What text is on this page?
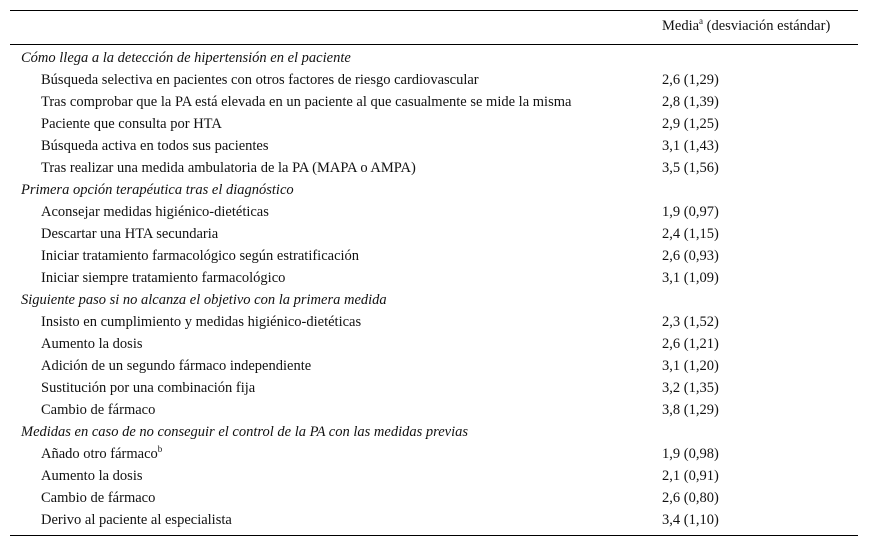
Media$^a$ (desviación estándar)
Cómo llega a la detección de hipertensión en el paciente
Búsqueda selectiva en pacientes con otros factores de riesgo cardiovascular	2,6 (1,29)
Tras comprobar que la PA está elevada en un paciente al que casualmente se mide la misma	2,8 (1,39)
Paciente que consulta por HTA	2,9 (1,25)
Búsqueda activa en todos sus pacientes	3,1 (1,43)
Tras realizar una medida ambulatoria de la PA (MAPA o AMPA)	3,5 (1,56)
Primera opción terapéutica tras el diagnóstico
Aconsejar medidas higiénico-dietéticas	1,9 (0,97)
Descartar una HTA secundaria	2,4 (1,15)
Iniciar tratamiento farmacológico según estratificación	2,6 (0,93)
Iniciar siempre tratamiento farmacológico	3,1 (1,09)
Siguiente paso si no alcanza el objetivo con la primera medida
Insisto en cumplimiento y medidas higiénico-dietéticas	2,3 (1,52)
Aumento la dosis	2,6 (1,21)
Adición de un segundo fármaco independiente	3,1 (1,20)
Sustitución por una combinación fija	3,2 (1,35)
Cambio de fármaco	3,8 (1,29)
Medidas en caso de no conseguir el control de la PA con las medidas previas
Añado otro fármaco$^b$	1,9 (0,98)
Aumento la dosis	2,1 (0,91)
Cambio de fármaco	2,6 (0,80)
Derivo al paciente al especialista	3,4 (1,10)
